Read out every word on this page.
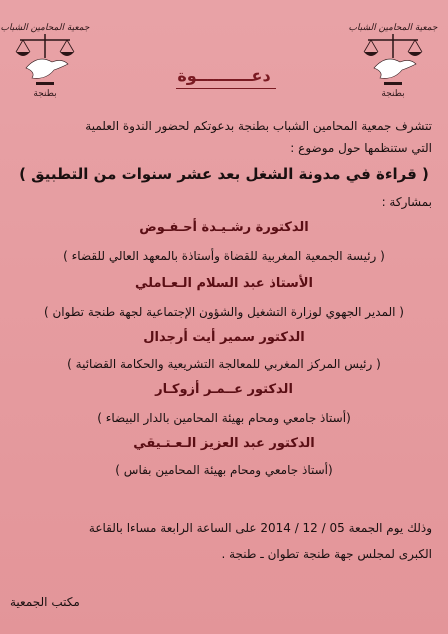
جمعية المحامين الشباب
بطنجة
جمعية المحامين الشباب
بطنجة
دعــــــــــوة
تتشرف جمعية المحامين الشباب بطنجة بدعوتكم لحضور الندوة العلمية
التي ستنظمها حول موضوع :
( قراءة في مدونة الشغل بعد عشر سنوات من التطبيق )
بمشاركة :
الدكتورة رشـيـدة أحـفـوض
( رئيسة الجمعية المغربية للقضاة وأستاذة بالمعهد العالي للقضاء )
الأستاذ عبد السلام الـعـاملي
( المدير الجهوي لوزارة التشغيل والشؤون الإجتماعية لجهة طنجة تطوان )
الدكتور سمير أيت أرجدال
( رئيس المركز المغربي للمعالجة التشريعية والحكامة القضائية )
الدكتور عــمـر أزوكـار
(أستاذ جامعي ومحام بهيئة المحامين بالدار البيضاء )
الدكتور عبد العزيز الـعـتـيقي
(أستاذ جامعي ومحام بهيئة المحامين بفاس )
وذلك يوم الجمعة 05 / 12 / 2014 على الساعة الرابعة مساءا بالقاعة
الكبرى لمجلس جهة طنجة تطوان ـ طنجة .
مكتب الجمعية
